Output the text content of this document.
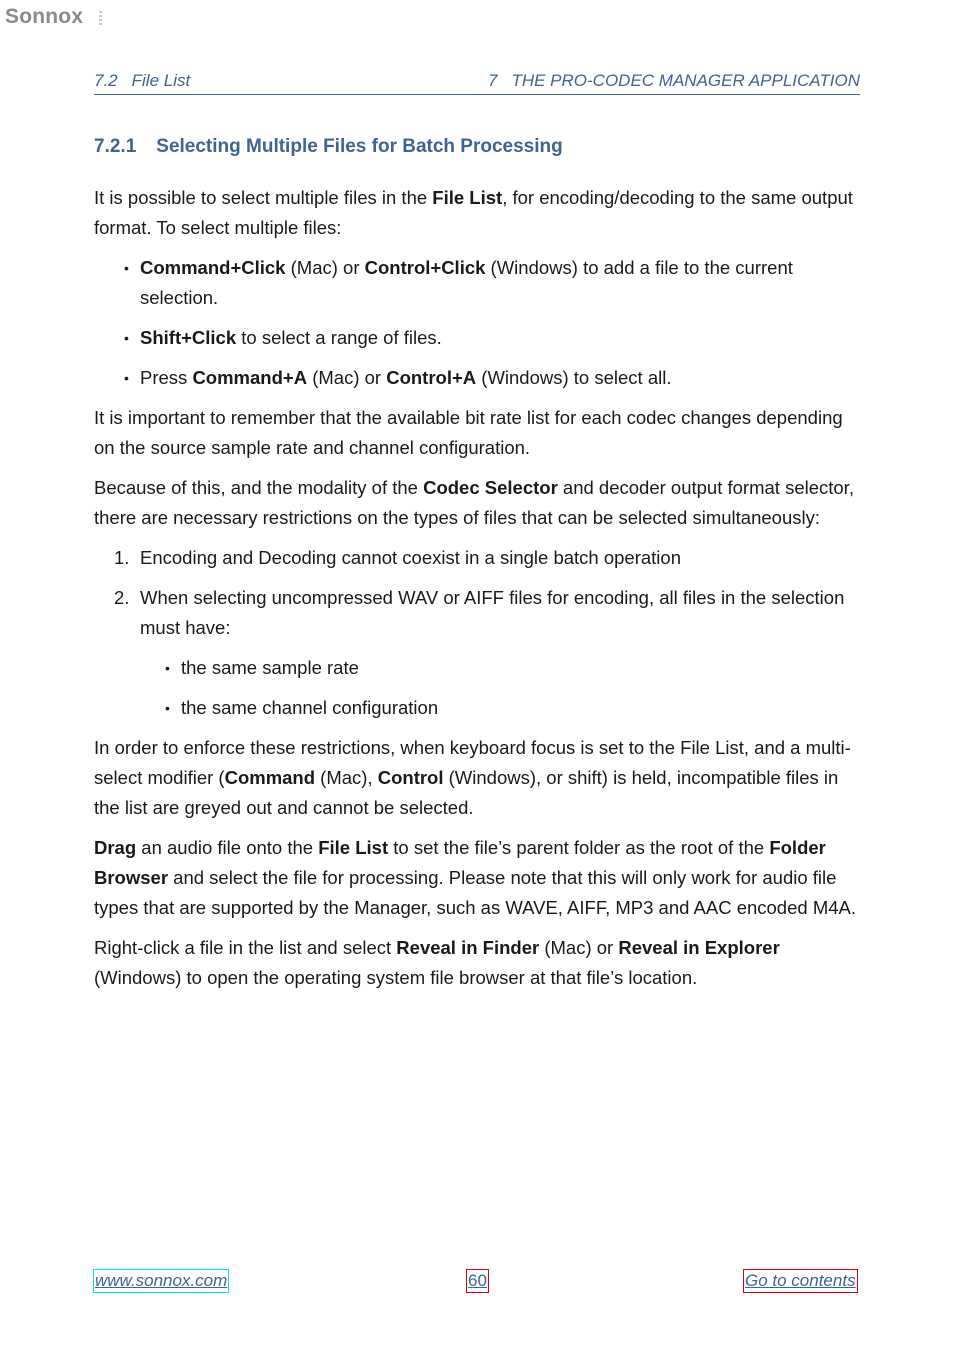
Sonnox
7.2 File List	7 THE PRO-CODEC MANAGER APPLICATION
7.2.1 Selecting Multiple Files for Batch Processing

It is possible to select multiple files in the File List, for encoding/decoding to the same output format. To select multiple files:

• Command+Click (Mac) or Control+Click (Windows) to add a file to the current selection.
• Shift+Click to select a range of files.
• Press Command+A (Mac) or Control+A (Windows) to select all.

It is important to remember that the available bit rate list for each codec changes depending on the source sample rate and channel configuration.

Because of this, and the modality of the Codec Selector and decoder output format selector, there are necessary restrictions on the types of files that can be selected simultaneously:

1. Encoding and Decoding cannot coexist in a single batch operation
2. When selecting uncompressed WAV or AIFF files for encoding, all files in the selection must have:
• the same sample rate
• the same channel configuration

In order to enforce these restrictions, when keyboard focus is set to the File List, and a multi-select modifier (Command (Mac), Control (Windows), or shift) is held, incompatible files in the list are greyed out and cannot be selected.

Drag an audio file onto the File List to set the file’s parent folder as the root of the Folder Browser and select the file for processing. Please note that this will only work for audio file types that are supported by the Manager, such as WAVE, AIFF, MP3 and AAC encoded M4A.

Right-click a file in the list and select Reveal in Finder (Mac) or Reveal in Explorer (Windows) to open the operating system file browser at that file’s location.

www.sonnox.com	60	Go to contents
